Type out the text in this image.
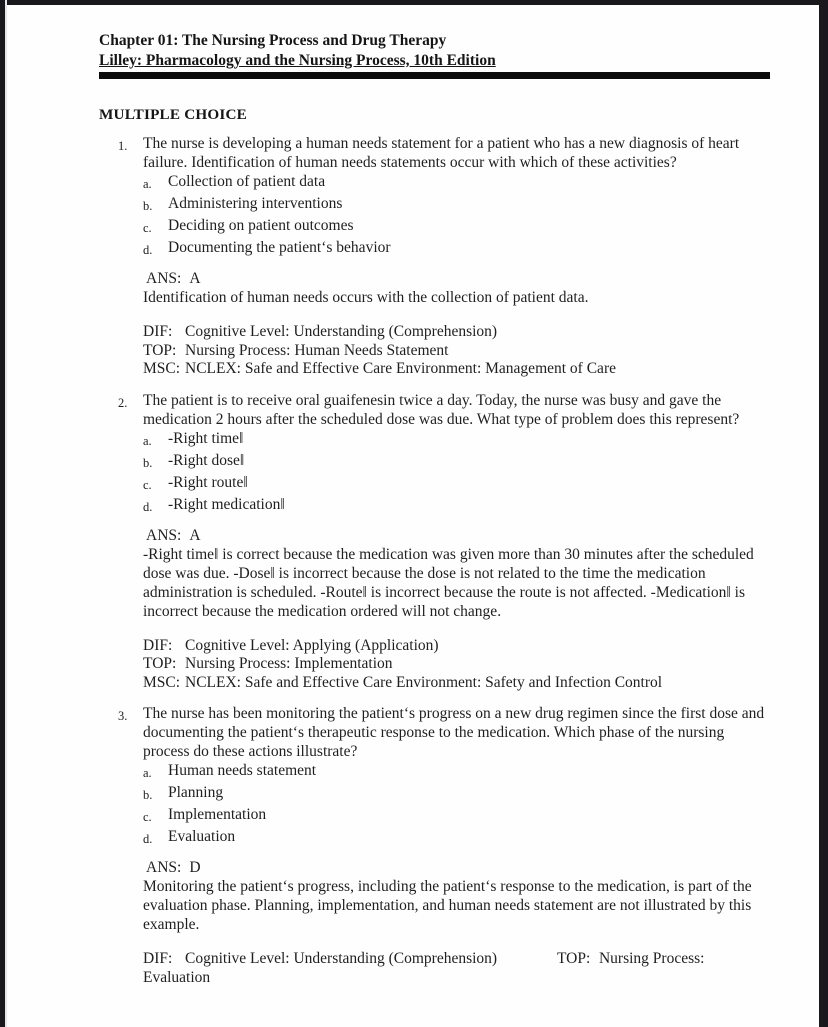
Chapter 01: The Nursing Process and Drug Therapy
Lilley: Pharmacology and the Nursing Process, 10th Edition
MULTIPLE CHOICE
1.	The nurse is developing a human needs statement for a patient who has a new diagnosis of heart failure. Identification of human needs statements occur with which of these activities?
a.	Collection of patient data
b.	Administering interventions
c.	Deciding on patient outcomes
d.	Documenting the patient‘s behavior
ANS: A
Identification of human needs occurs with the collection of patient data.
DIF: Cognitive Level: Understanding (Comprehension)
TOP: Nursing Process: Human Needs Statement
MSC: NCLEX: Safe and Effective Care Environment: Management of Care
2.	The patient is to receive oral guaifenesin twice a day. Today, the nurse was busy and gave the medication 2 hours after the scheduled dose was due. What type of problem does this represent?
a.	-Right time‖
b.	-Right dose‖
c.	-Right route‖
d.	-Right medication‖
ANS: A
-Right time‖ is correct because the medication was given more than 30 minutes after the scheduled dose was due. -Dose‖ is incorrect because the dose is not related to the time the medication administration is scheduled. -Route‖ is incorrect because the route is not affected. -Medication‖ is incorrect because the medication ordered will not change.
DIF: Cognitive Level: Applying (Application)
TOP: Nursing Process: Implementation
MSC: NCLEX: Safe and Effective Care Environment: Safety and Infection Control
3.	The nurse has been monitoring the patient‘s progress on a new drug regimen since the first dose and documenting the patient‘s therapeutic response to the medication. Which phase of the nursing process do these actions illustrate?
a.	Human needs statement
b.	Planning
c.	Implementation
d.	Evaluation
ANS: D
Monitoring the patient‘s progress, including the patient‘s response to the medication, is part of the evaluation phase. Planning, implementation, and human needs statement are not illustrated by this example.
DIF: Cognitive Level: Understanding (Comprehension)	TOP: Nursing Process: Evaluation
